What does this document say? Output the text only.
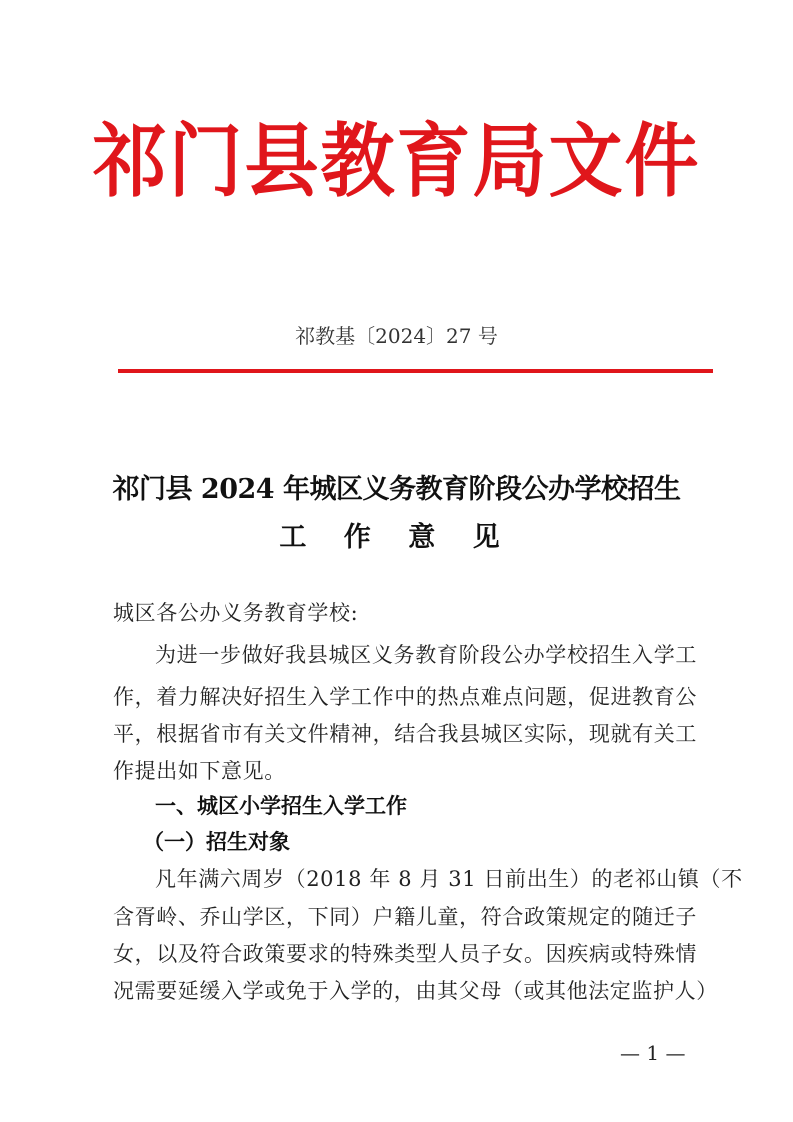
祁门县教育局文件
祁教基〔2024〕27 号
祁门县 2024 年城区义务教育阶段公办学校招生
工 作 意 见
城区各公办义务教育学校:
为进一步做好我县城区义务教育阶段公办学校招生入学工
作，着力解决好招生入学工作中的热点难点问题，促进教育公
平，根据省市有关文件精神，结合我县城区实际，现就有关工
作提出如下意见。
一、城区小学招生入学工作
（一）招生对象
凡年满六周岁（2018 年 8 月 31 日前出生）的老祁山镇（不
含胥岭、乔山学区，下同）户籍儿童，符合政策规定的随迁子
女，以及符合政策要求的特殊类型人员子女。因疾病或特殊情
况需要延缓入学或免于入学的，由其父母（或其他法定监护人）
— 1 —
